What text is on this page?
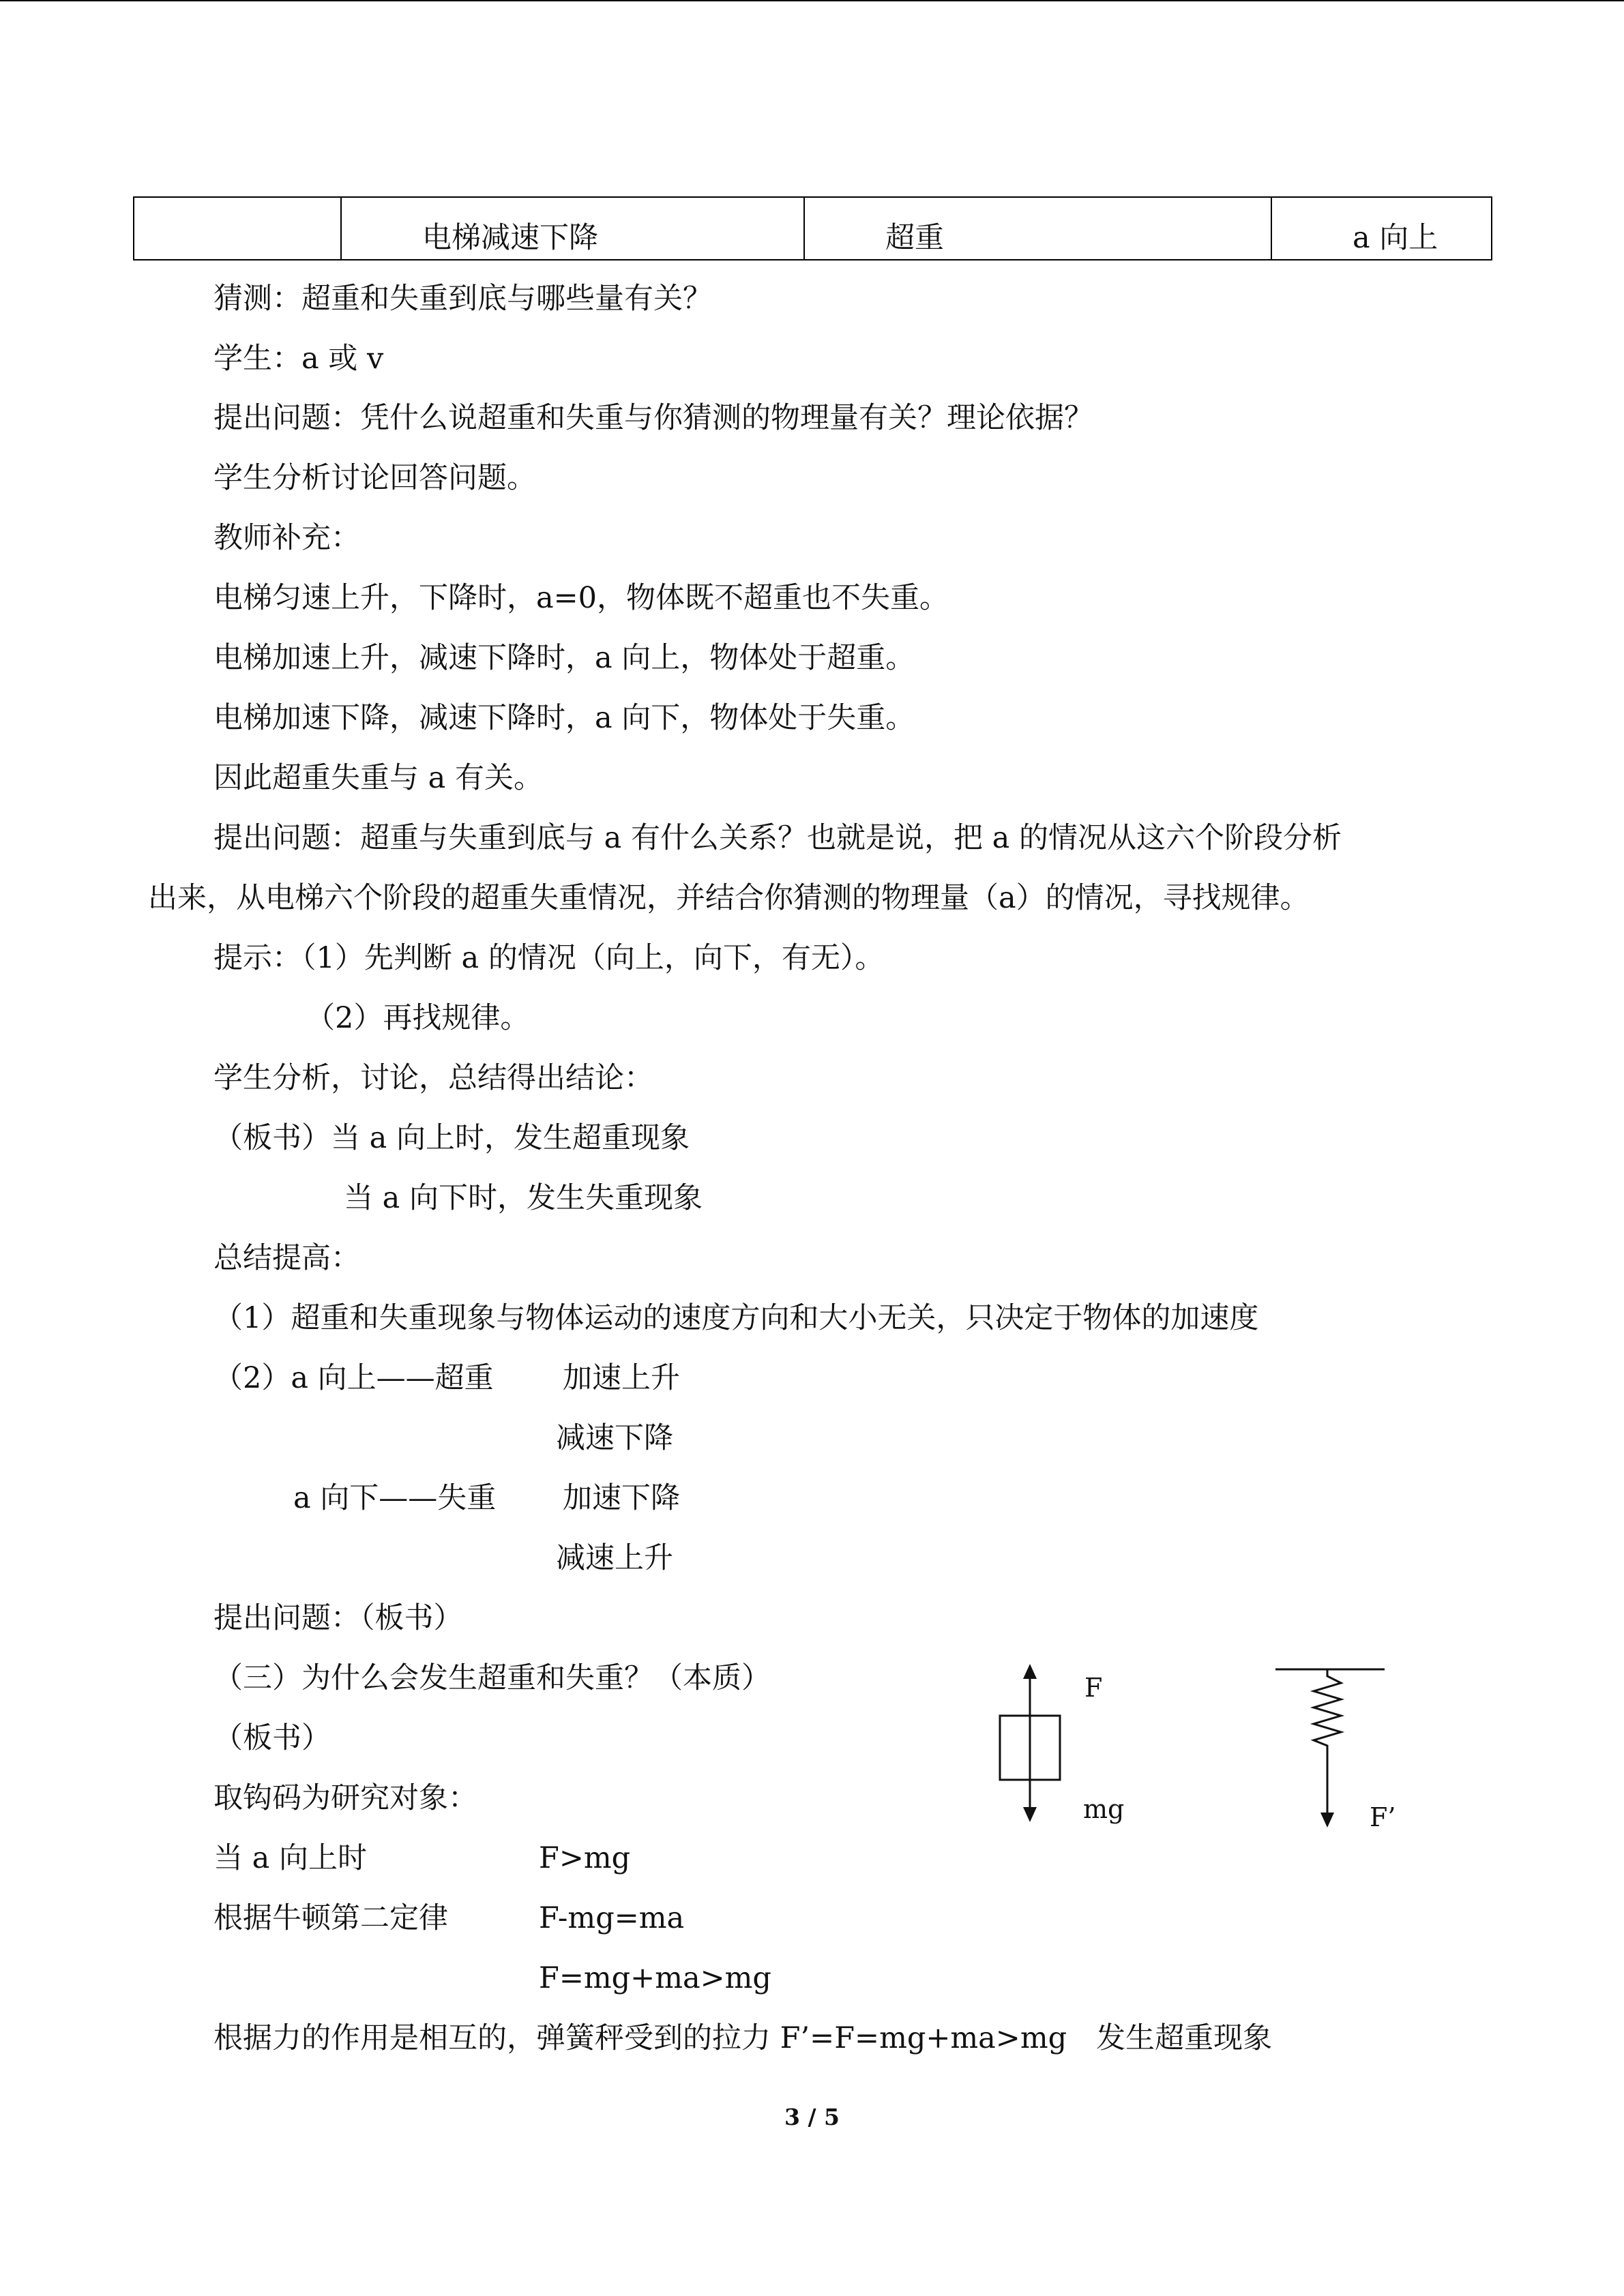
	电梯减速下降	超重	a 向上
猜测：超重和失重到底与哪些量有关？
学生：a 或 v
提出问题：凭什么说超重和失重与你猜测的物理量有关？理论依据？
学生分析讨论回答问题。
教师补充：
电梯匀速上升，下降时，a=0，物体既不超重也不失重。
电梯加速上升，减速下降时，a 向上，物体处于超重。
电梯加速下降，减速下降时，a 向下，物体处于失重。
因此超重失重与 a 有关。
提出问题：超重与失重到底与 a 有什么关系？也就是说，把 a 的情况从这六个阶段分析
出来，从电梯六个阶段的超重失重情况，并结合你猜测的物理量（a）的情况，寻找规律。
提示：（1）先判断 a 的情况（向上，向下，有无）。
（2）再找规律。
学生分析，讨论，总结得出结论：
（板书）当 a 向上时，发生超重现象
当 a 向下时，发生失重现象
总结提高：
（1）超重和失重现象与物体运动的速度方向和大小无关，只决定于物体的加速度
（2）a 向上——超重 加速上升
减速下降
a 向下——失重 加速下降
减速上升
提出问题：（板书）
（三）为什么会发生超重和失重？（本质）
（板书）
取钩码为研究对象：
当 a 向上时	F>mg
根据牛顿第二定律	F-mg=ma
F=mg+ma>mg
根据力的作用是相互的，弹簧秤受到的拉力 F’=F=mg+ma>mg　发生超重现象
F
mg	F’
3 / 5
